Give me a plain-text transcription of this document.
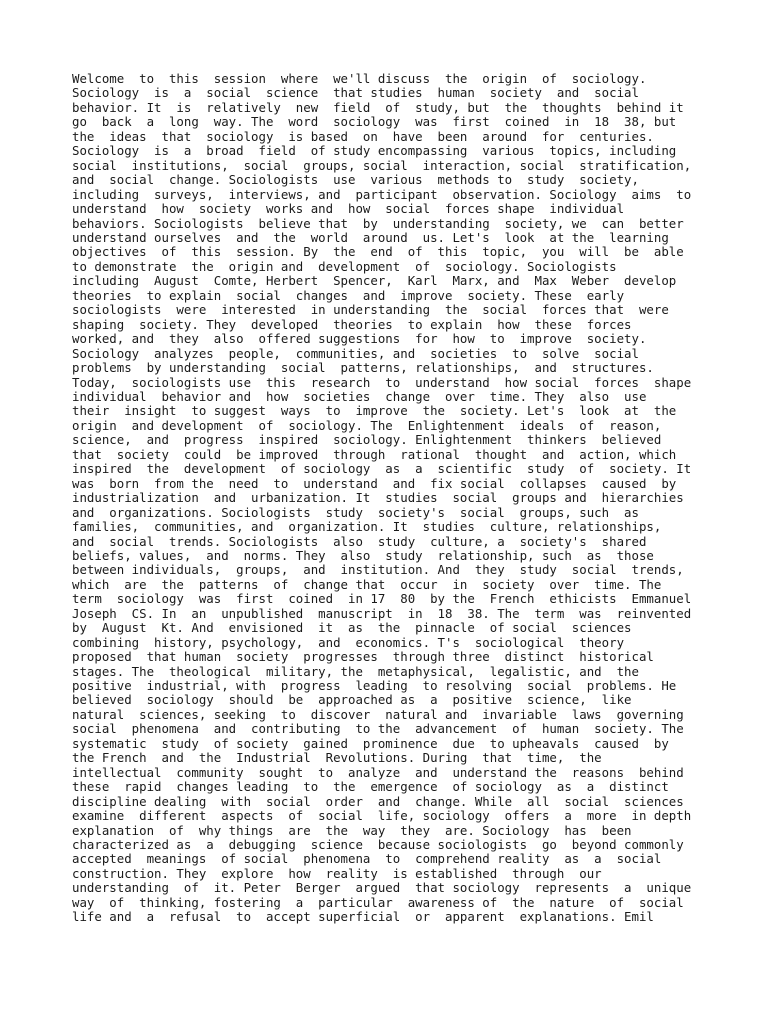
Welcome  to  this  session  where  we'll discuss  the  origin  of  sociology.
Sociology  is  a  social  science  that studies  human  society  and  social
behavior. It  is  relatively  new  field  of  study, but  the  thoughts  behind it
go  back  a  long  way. The  word  sociology  was  first  coined  in  18  38, but
the  ideas  that  sociology  is based  on  have  been  around  for  centuries.
Sociology  is  a  broad  field  of study encompassing  various  topics, including
social  institutions,  social  groups, social  interaction, social  stratification,
and  social  change. Sociologists  use  various  methods to  study  society,
including  surveys,  interviews, and  participant  observation. Sociology  aims  to
understand  how  society  works and  how  social  forces shape  individual
behaviors. Sociologists  believe that  by  understanding  society, we  can  better
understand ourselves  and  the  world  around  us. Let's  look  at the  learning
objectives  of  this  session. By  the  end  of  this  topic,  you  will  be  able
to demonstrate  the  origin and  development  of  sociology. Sociologists
including  August  Comte, Herbert  Spencer,  Karl  Marx, and  Max  Weber  develop
theories  to explain  social  changes  and  improve  society. These  early
sociologists  were  interested  in understanding  the  social  forces that  were
shaping  society. They  developed  theories  to explain  how  these  forces
worked, and  they  also  offered suggestions  for  how  to  improve  society.
Sociology  analyzes  people,  communities, and  societies  to  solve  social
problems  by understanding  social  patterns, relationships,  and  structures.
Today,  sociologists use  this  research  to  understand  how social  forces  shape
individual  behavior and  how  societies  change  over  time. They  also  use
their  insight  to suggest  ways  to  improve  the  society. Let's  look  at  the
origin  and development  of  sociology. The  Enlightenment  ideals  of  reason,
science,  and  progress  inspired  sociology. Enlightenment  thinkers  believed
that  society  could  be improved  through  rational  thought  and  action, which
inspired  the  development  of sociology  as  a  scientific  study  of  society. It
was  born  from the  need  to  understand  and  fix social  collapses  caused  by
industrialization  and  urbanization. It  studies  social  groups and  hierarchies
and  organizations. Sociologists  study  society's  social  groups, such  as
families,  communities, and  organization. It  studies  culture, relationships,
and  social  trends. Sociologists  also  study  culture, a  society's  shared
beliefs, values,  and  norms. They  also  study  relationship, such  as  those
between individuals,  groups,  and  institution. And  they  study  social  trends,
which  are  the  patterns  of  change that  occur  in  society  over  time. The
term  sociology  was  first  coined  in 17  80  by the  French  ethicists  Emmanuel
Joseph  CS. In  an  unpublished  manuscript  in  18  38. The  term  was  reinvented
by  August  Kt. And  envisioned  it  as  the  pinnacle  of social  sciences
combining  history, psychology,  and  economics. T's  sociological  theory
proposed  that human  society  progresses  through three  distinct  historical
stages. The  theological  military, the  metaphysical,  legalistic, and  the
positive  industrial, with  progress  leading  to resolving  social  problems. He
believed  sociology  should  be  approached as  a  positive  science,  like
natural  sciences, seeking  to  discover  natural and  invariable  laws  governing
social  phenomena  and  contributing  to the  advancement  of  human  society. The
systematic  study  of society  gained  prominence  due  to upheavals  caused  by
the French  and  the  Industrial  Revolutions. During  that  time,  the
intellectual  community  sought  to  analyze  and  understand the  reasons  behind
these  rapid  changes leading  to  the  emergence  of sociology  as  a  distinct
discipline dealing  with  social  order  and  change. While  all  social  sciences
examine  different  aspects  of  social  life, sociology  offers  a  more  in depth
explanation  of  why things  are  the  way  they  are. Sociology  has  been
characterized as  a  debugging  science  because sociologists  go  beyond commonly
accepted  meanings  of social  phenomena  to  comprehend reality  as  a  social
construction. They  explore  how  reality  is established  through  our
understanding  of  it. Peter  Berger  argued  that sociology  represents  a  unique
way  of  thinking, fostering  a  particular  awareness of  the  nature  of  social
life and  a  refusal  to  accept superficial  or  apparent  explanations. Emil
